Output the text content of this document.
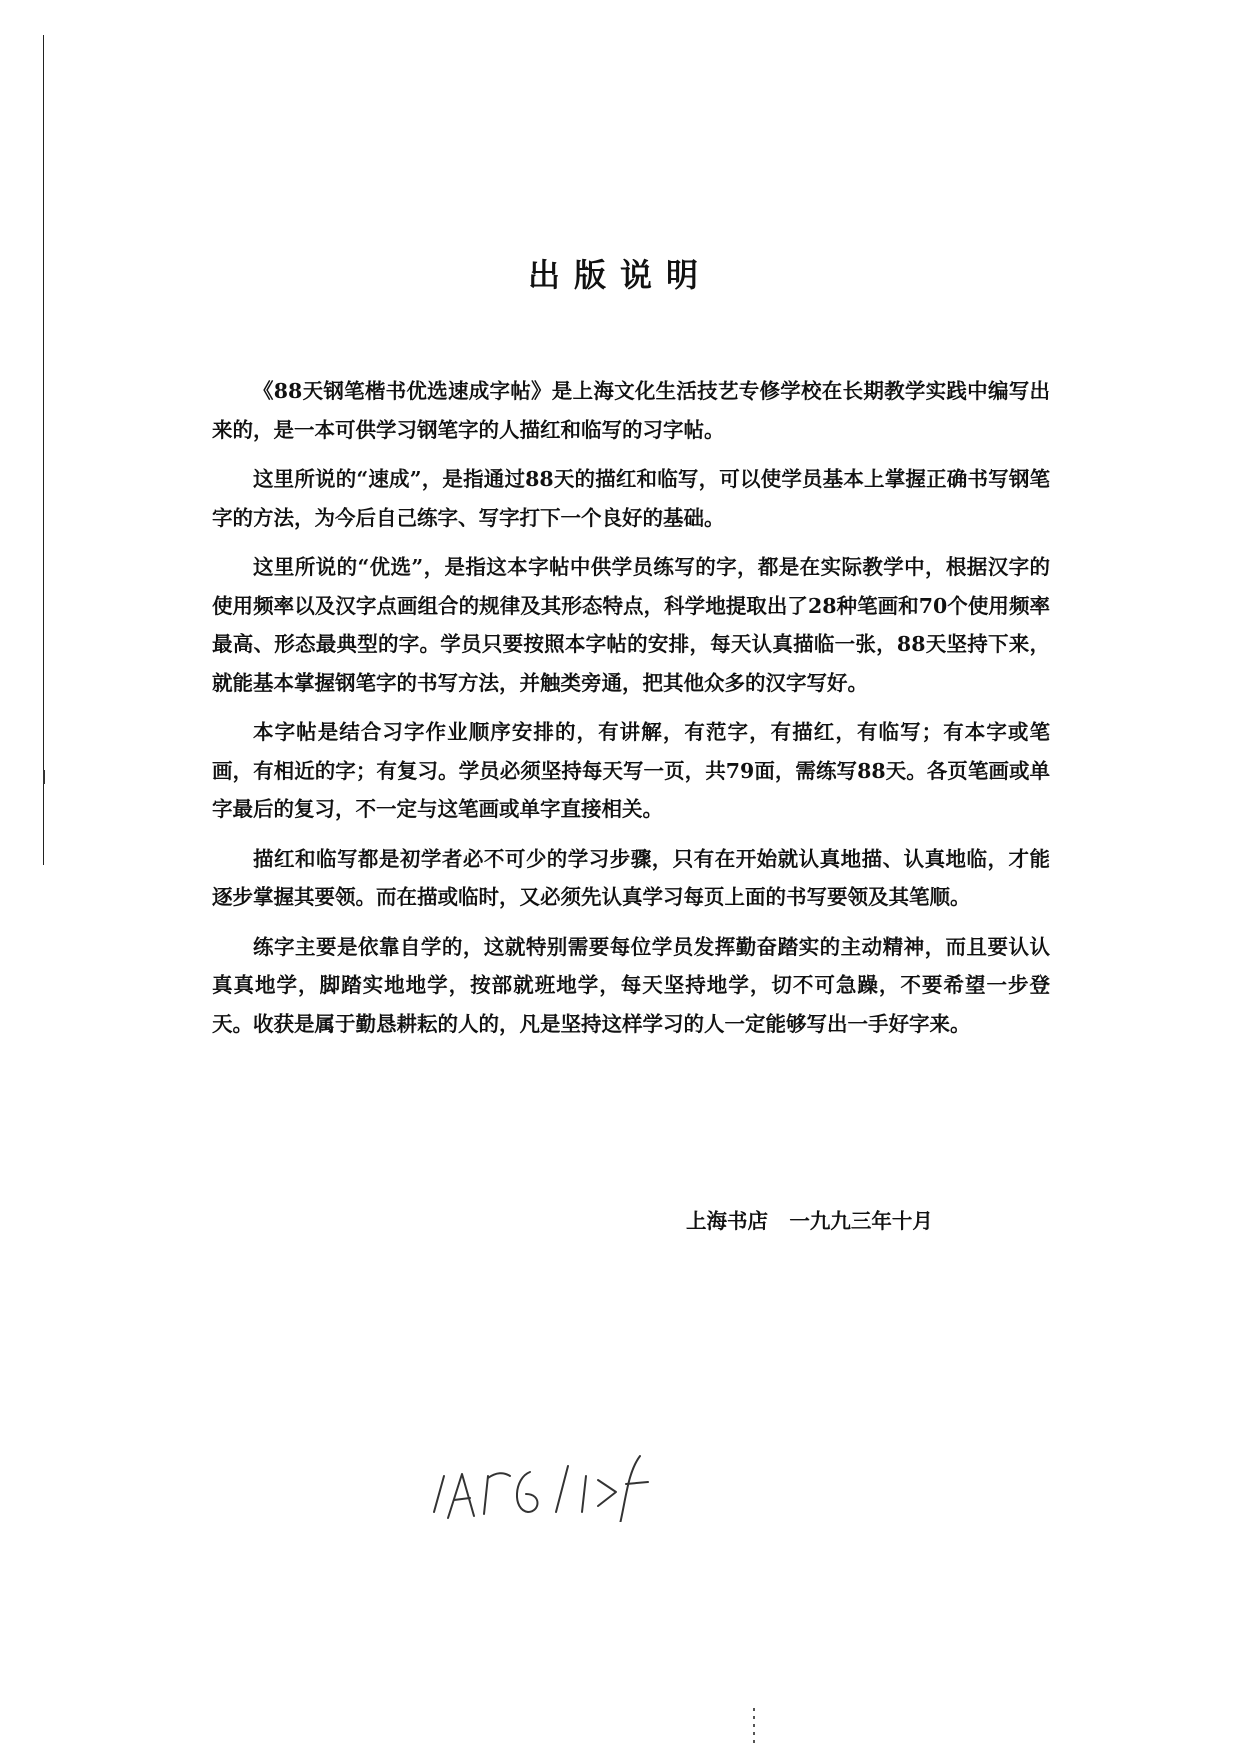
出版说明

《88天钢笔楷书优选速成字帖》是上海文化生活技艺专修学校在长期教学实践中编写出来的，是一本可供学习钢笔字的人描红和临写的习字帖。

这里所说的“速成”，是指通过88天的描红和临写，可以使学员基本上掌握正确书写钢笔字的方法，为今后自己练字、写字打下一个良好的基础。

这里所说的“优选”，是指这本字帖中供学员练写的字，都是在实际教学中，根据汉字的使用频率以及汉字点画组合的规律及其形态特点，科学地提取出了28种笔画和70个使用频率最高、形态最典型的字。学员只要按照本字帖的安排，每天认真描临一张，88天坚持下来，就能基本掌握钢笔字的书写方法，并触类旁通，把其他众多的汉字写好。

本字帖是结合习字作业顺序安排的，有讲解，有范字，有描红，有临写；有本字或笔画，有相近的字；有复习。学员必须坚持每天写一页，共79面，需练写88天。各页笔画或单字最后的复习，不一定与这笔画或单字直接相关。

描红和临写都是初学者必不可少的学习步骤，只有在开始就认真地描、认真地临，才能逐步掌握其要领。而在描或临时，又必须先认真学习每页上面的书写要领及其笔顺。

练字主要是依靠自学的，这就特别需要每位学员发挥勤奋踏实的主动精神，而且要认认真真地学，脚踏实地地学，按部就班地学，每天坚持地学，切不可急躁，不要希望一步登天。收获是属于勤恳耕耘的人的，凡是坚持这样学习的人一定能够写出一手好字来。

上海书店 一九九三年十月
